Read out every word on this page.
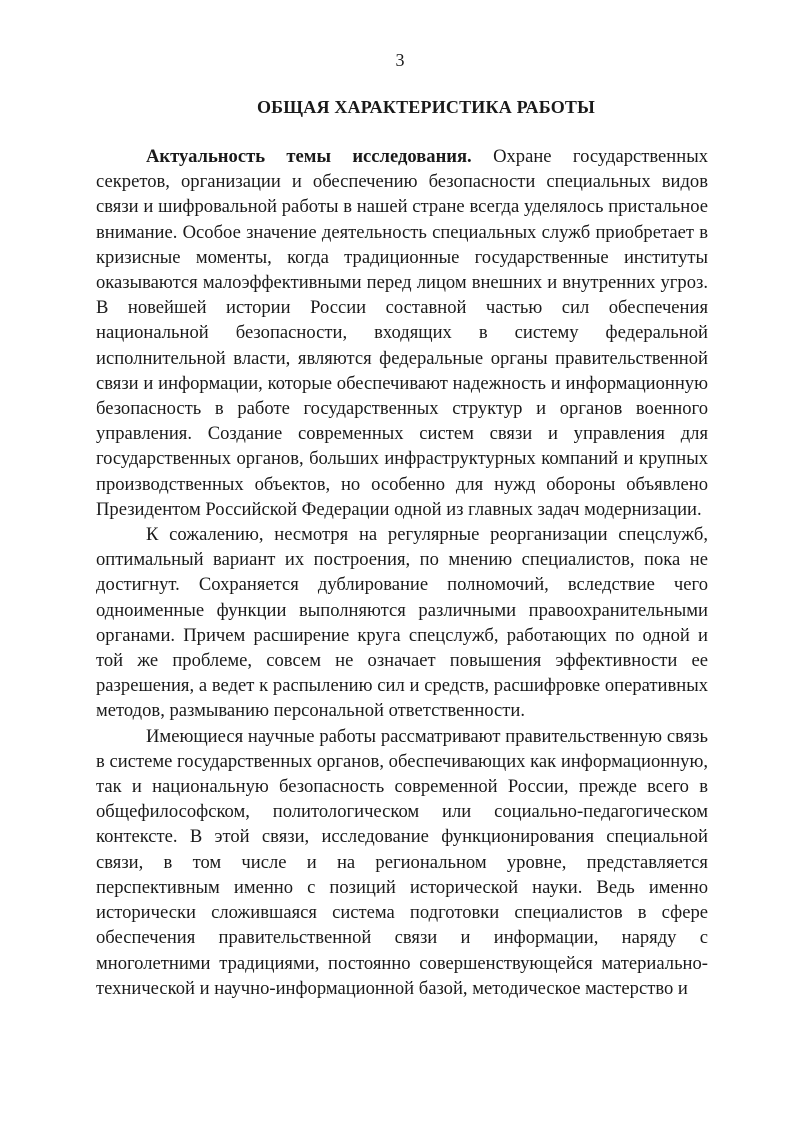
3
ОБЩАЯ ХАРАКТЕРИСТИКА РАБОТЫ

Актуальность темы исследования. Охране государственных секретов, организации и обеспечению безопасности специальных видов связи и шифровальной работы в нашей стране всегда уделялось пристальное внимание. Особое значение деятельность специальных служб приобретает в кризисные моменты, когда традиционные государственные институты оказываются малоэффективными перед лицом внешних и внутренних угроз. В новейшей истории России составной частью сил обеспечения национальной безопасности, входящих в систему федеральной исполнительной власти, являются федеральные органы правительственной связи и информации, которые обеспечивают надежность и информационную безопасность в работе государственных структур и органов военного управления. Создание современных систем связи и управления для государственных органов, больших инфраструктурных компаний и крупных производственных объектов, но особенно для нужд обороны объявлено Президентом Российской Федерации одной из главных задач модернизации.

К сожалению, несмотря на регулярные реорганизации спецслужб, оптимальный вариант их построения, по мнению специалистов, пока не достигнут. Сохраняется дублирование полномочий, вследствие чего одноименные функции выполняются различными правоохранительными органами. Причем расширение круга спецслужб, работающих по одной и той же проблеме, совсем не означает повышения эффективности ее разрешения, а ведет к распылению сил и средств, расшифровке оперативных методов, размыванию персональной ответственности.

Имеющиеся научные работы рассматривают правительственную связь в системе государственных органов, обеспечивающих как информационную, так и национальную безопасность современной России, прежде всего в общефилософском, политологическом или социально-педагогическом контексте. В этой связи, исследование функционирования специальной связи, в том числе и на региональном уровне, представляется перспективным именно с позиций исторической науки. Ведь именно исторически сложившаяся система подготовки специалистов в сфере обеспечения правительственной связи и информации, наряду с многолетними традициями, постоянно совершенствующейся материально-технической и научно-информационной базой, методическое мастерство и
